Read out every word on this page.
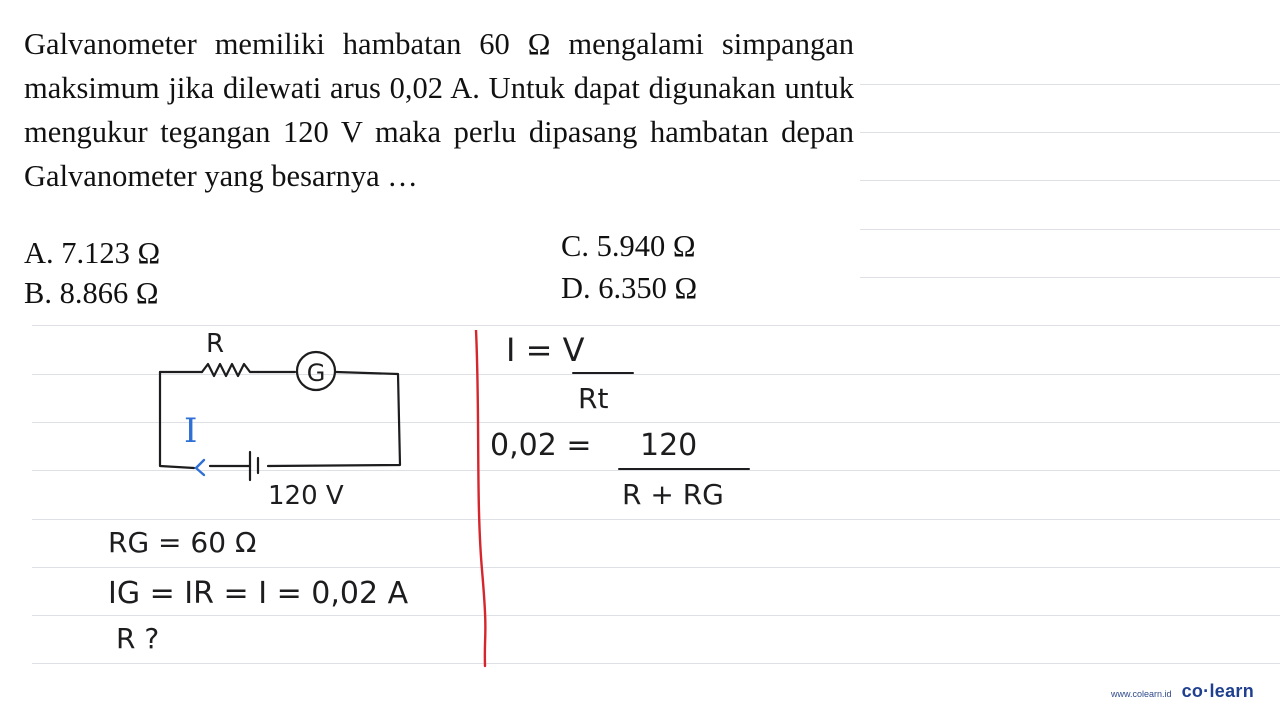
Galvanometer memiliki hambatan 60 Ω mengalami simpangan maksimum jika dilewati arus 0,02 A. Untuk dapat digunakan untuk mengukur tegangan 120 V maka perlu dipasang hambatan depan Galvanometer yang besarnya …
A. 7.123 Ω
B. 8.866 Ω
C. 5.940 Ω
D. 6.350 Ω
R
G
I
120 V
RG = 60 Ω
IG = IR = I = 0,02 A
R ?
I = V
Rt
0,02 = 120
R + RG
www.colearn.id co·learn
